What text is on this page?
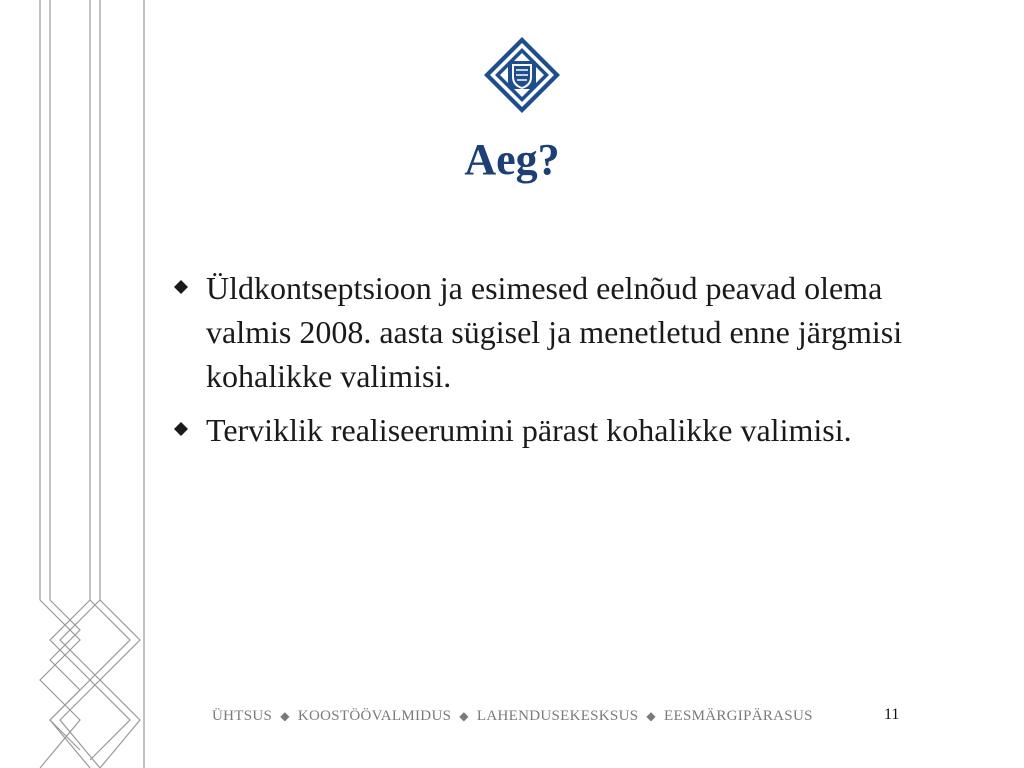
Aeg?
Üldkontseptsioon ja esimesed eelnõud peavad olema valmis 2008. aasta sügisel ja menetletud enne järgmisi kohalikke valimisi.
Terviklik realiseerumini pärast kohalikke valimisi.
ÜHTSUS ◆ KOOSTÖÖVALMIDUS ◆ LAHENDUSEKESKSUS ◆ EESMÄRGIPÄRASUS	11
